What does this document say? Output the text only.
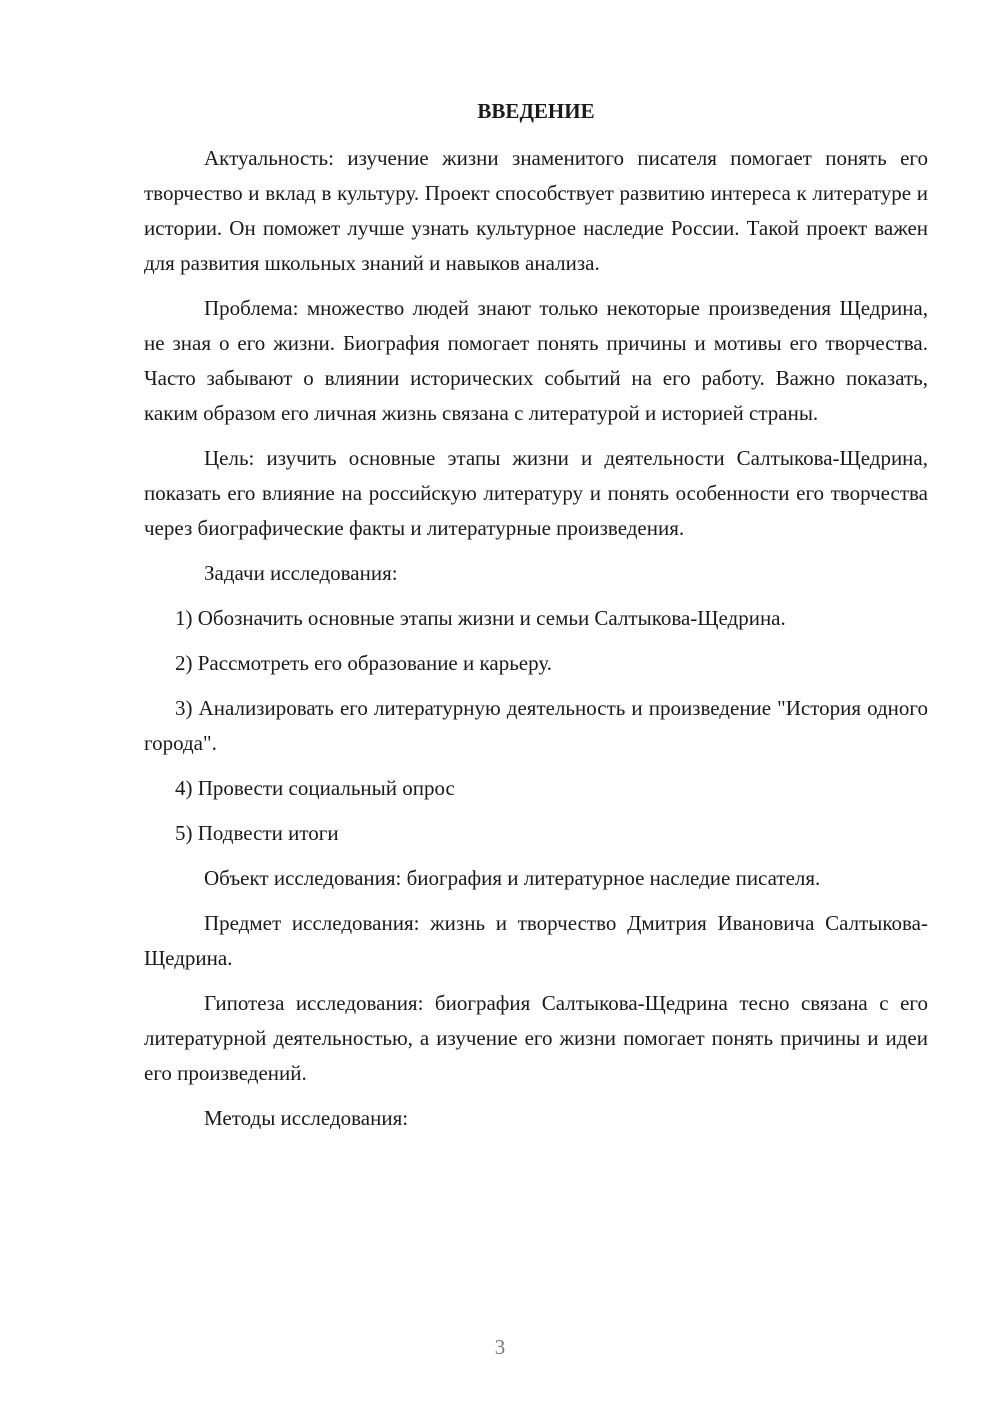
ВВЕДЕНИЕ

Актуальность: изучение жизни знаменитого писателя помогает понять его творчество и вклад в культуру. Проект способствует развитию интереса к литературе и истории. Он поможет лучше узнать культурное наследие России. Такой проект важен для развития школьных знаний и навыков анализа.

Проблема: множество людей знают только некоторые произведения Щедрина, не зная о его жизни. Биография помогает понять причины и мотивы его творчества. Часто забывают о влиянии исторических событий на его работу. Важно показать, каким образом его личная жизнь связана с литературой и историей страны.

Цель: изучить основные этапы жизни и деятельности Салтыкова-Щедрина, показать его влияние на российскую литературу и понять особенности его творчества через биографические факты и литературные произведения.

Задачи исследования:

1) Обозначить основные этапы жизни и семьи Салтыкова-Щедрина.

2) Рассмотреть его образование и карьеру.

3) Анализировать его литературную деятельность и произведение "История одного города".

4) Провести социальный опрос

5) Подвести итоги

Объект исследования: биография и литературное наследие писателя.

Предмет исследования: жизнь и творчество Дмитрия Ивановича Салтыкова-Щедрина.

Гипотеза исследования: биография Салтыкова-Щедрина тесно связана с его литературной деятельностью, а изучение его жизни помогает понять причины и идеи его произведений.

Методы исследования:

3
